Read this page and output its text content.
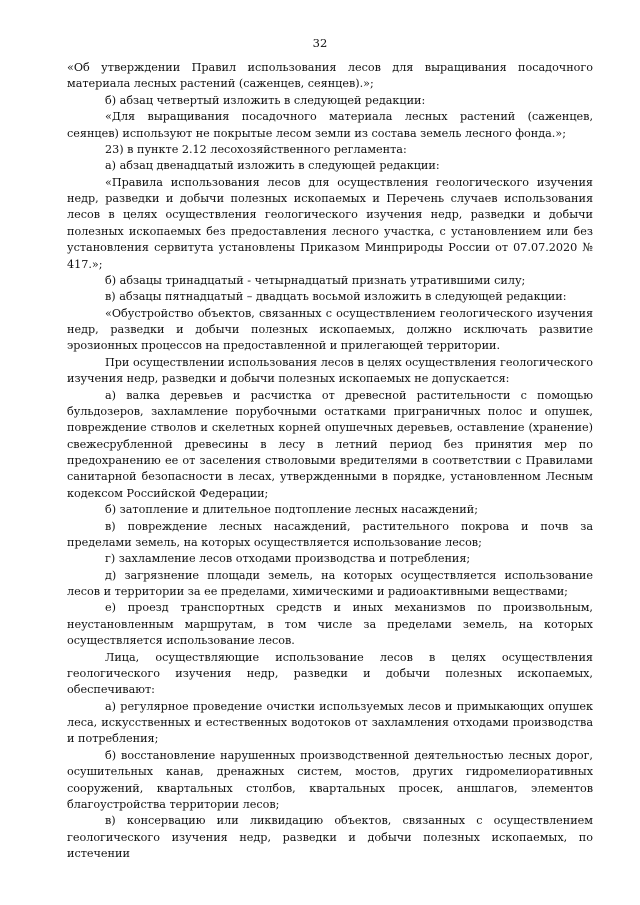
32

«Об утверждении Правил использования лесов для выращивания посадочного материала лесных растений (саженцев, сеянцев).»;

б) абзац четвертый изложить в следующей редакции:

«Для выращивания посадочного материала лесных растений (саженцев, сеянцев) используют не покрытые лесом земли из состава земель лесного фонда.»;

23) в пункте 2.12 лесохозяйственного регламента:

а) абзац двенадцатый изложить в следующей редакции:

«Правила использования лесов для осуществления геологического изучения недр, разведки и добычи полезных ископаемых и Перечень случаев использования лесов в целях осуществления геологического изучения недр, разведки и добычи полезных ископаемых без предоставления лесного участка, с установлением или без установления сервитута установлены Приказом Минприроды России от 07.07.2020 № 417.»;

б) абзацы тринадцатый - четырнадцатый признать утратившими силу;

в) абзацы пятнадцатый – двадцать восьмой изложить в следующей редакции:

«Обустройство объектов, связанных с осуществлением геологического изучения недр, разведки и добычи полезных ископаемых, должно исключать развитие эрозионных процессов на предоставленной и прилегающей территории.

При осуществлении использования лесов в целях осуществления геологического изучения недр, разведки и добычи полезных ископаемых не допускается:

а) валка деревьев и расчистка от древесной растительности с помощью бульдозеров, захламление порубочными остатками приграничных полос и опушек, повреждение стволов и скелетных корней опушечных деревьев, оставление (хранение) свежесрубленной древесины в лесу в летний период без принятия мер по предохранению ее от заселения стволовыми вредителями в соответствии с Правилами санитарной безопасности в лесах, утвержденными в порядке, установленном Лесным кодексом Российской Федерации;

б) затопление и длительное подтопление лесных насаждений;

в) повреждение лесных насаждений, растительного покрова и почв за пределами земель, на которых осуществляется использование лесов;

г) захламление лесов отходами производства и потребления;

д) загрязнение площади земель, на которых осуществляется использование лесов и территории за ее пределами, химическими и радиоактивными веществами;

е) проезд транспортных средств и иных механизмов по произвольным, неустановленным маршрутам, в том числе за пределами земель, на которых осуществляется использование лесов.

Лица, осуществляющие использование лесов в целях осуществления геологического изучения недр, разведки и добычи полезных ископаемых, обеспечивают:

а) регулярное проведение очистки используемых лесов и примыкающих опушек леса, искусственных и естественных водотоков от захламления отходами производства и потребления;

б) восстановление нарушенных производственной деятельностью лесных дорог, осушительных канав, дренажных систем, мостов, других гидромелиоративных сооружений, квартальных столбов, квартальных просек, аншлагов, элементов благоустройства территории лесов;

в) консервацию или ликвидацию объектов, связанных с осуществлением геологического изучения недр, разведки и добычи полезных ископаемых, по истечении
